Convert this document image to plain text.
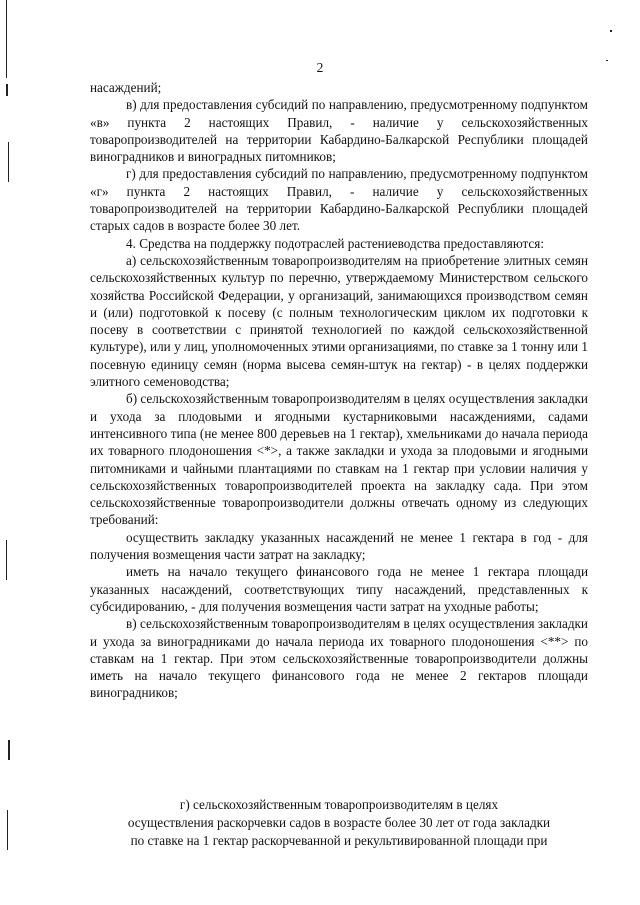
2

насаждений;

в) для предоставления субсидий по направлению, предусмотренному подпунктом «в» пункта 2 настоящих Правил, - наличие у сельскохозяйственных товаропроизводителей на территории Кабардино-Балкарской Республики площадей виноградников и виноградных питомников;

г) для предоставления субсидий по направлению, предусмотренному подпунктом «г» пункта 2 настоящих Правил, - наличие у сельскохозяйственных товаропроизводителей на территории Кабардино-Балкарской Республики площадей старых садов в возрасте более 30 лет.

4. Средства на поддержку подотраслей растениеводства предоставляются:

а) сельскохозяйственным товаропроизводителям на приобретение элитных семян сельскохозяйственных культур по перечню, утверждаемому Министерством сельского хозяйства Российской Федерации, у организаций, занимающихся производством семян и (или) подготовкой к посеву (с полным технологическим циклом их подготовки к посеву в соответствии с принятой технологией по каждой сельскохозяйственной культуре), или у лиц, уполномоченных этими организациями, по ставке за 1 тонну или 1 посевную единицу семян (норма высева семян-штук на гектар) - в целях поддержки элитного семеноводства;

б) сельскохозяйственным товаропроизводителям в целях осуществления закладки и ухода за плодовыми и ягодными кустарниковыми насаждениями, садами интенсивного типа (не менее 800 деревьев на 1 гектар), хмельниками до начала периода их товарного плодоношения <*>, а также закладки и ухода за плодовыми и ягодными питомниками и чайными плантациями по ставкам на 1 гектар при условии наличия у сельскохозяйственных товаропроизводителей проекта на закладку сада. При этом сельскохозяйственные товаропроизводители должны отвечать одному из следующих требований:

осуществить закладку указанных насаждений не менее 1 гектара в год - для получения возмещения части затрат на закладку;

иметь на начало текущего финансового года не менее 1 гектара площади указанных насаждений, соответствующих типу насаждений, представленных к субсидированию, - для получения возмещения части затрат на уходные работы;

в) сельскохозяйственным товаропроизводителям в целях осуществления закладки и ухода за виноградниками до начала периода их товарного плодоношения <**> по ставкам на 1 гектар. При этом сельскохозяйственные товаропроизводители должны иметь на начало текущего финансового года не менее 2 гектаров площади виноградников;

г) сельскохозяйственным товаропроизводителям в целях
осуществления раскорчевки садов в возрасте более 30 лет от года закладки
по ставке на 1 гектар раскорчеванной и рекультивированной площади при
